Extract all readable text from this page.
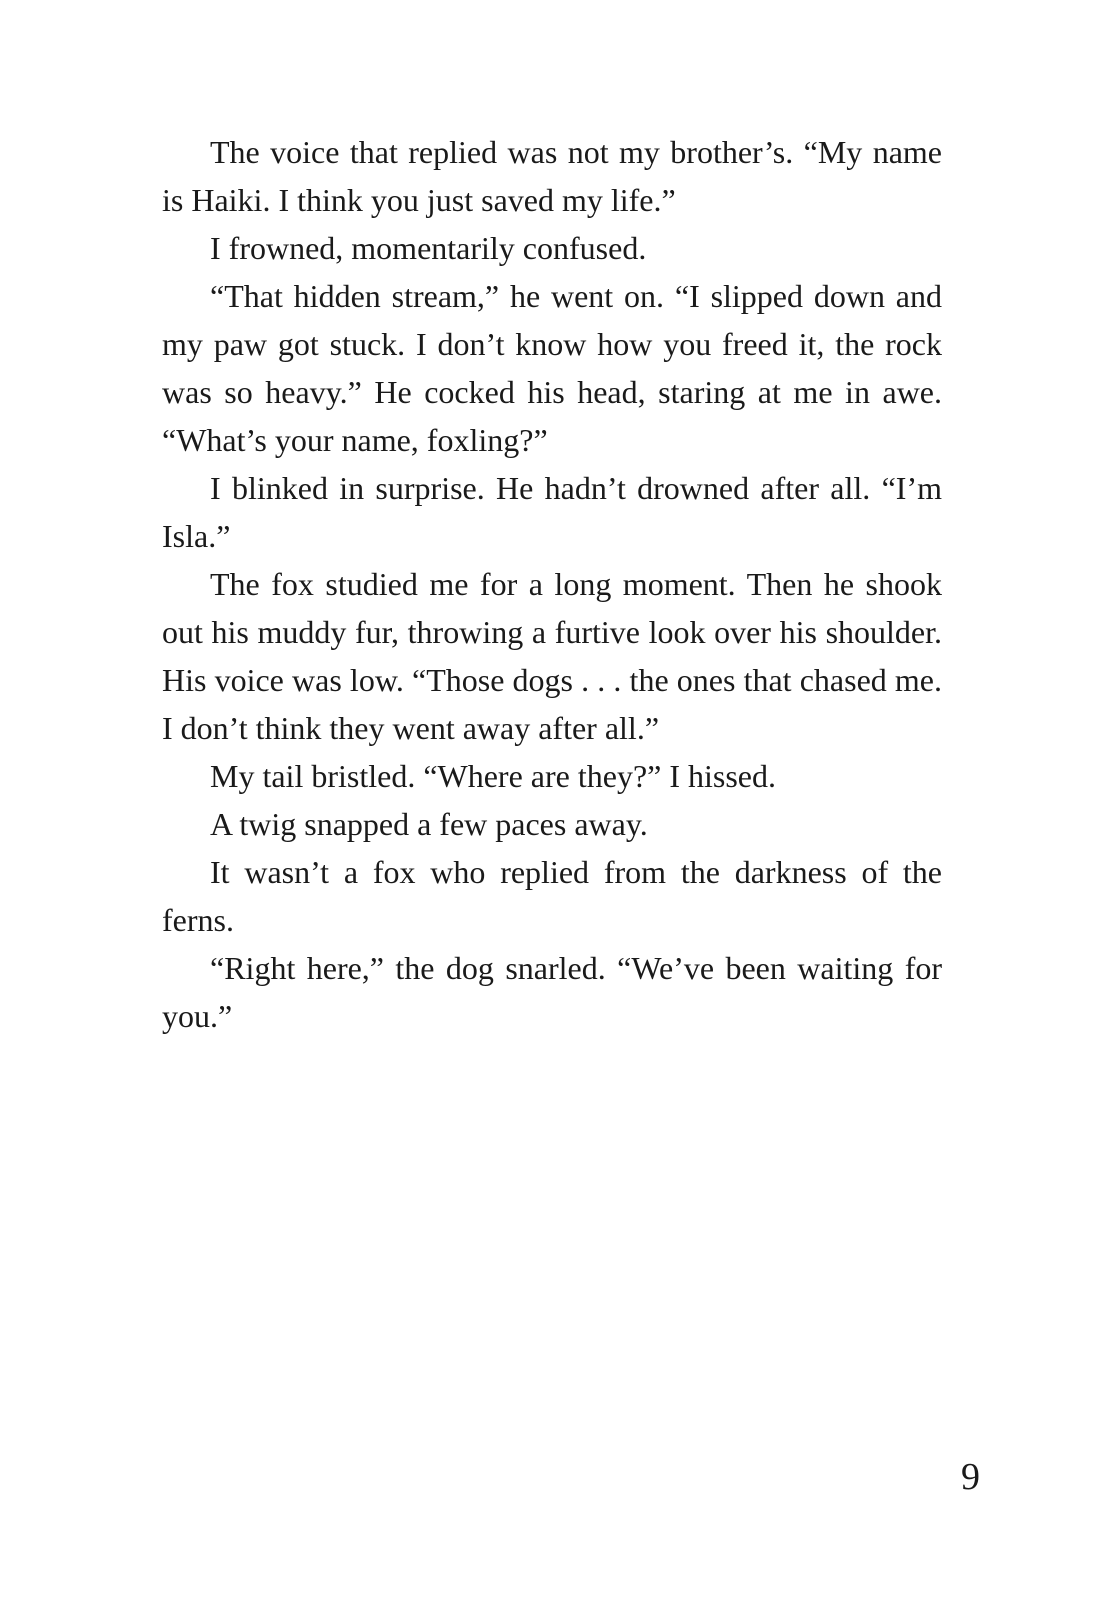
The voice that replied was not my brother’s. “My name is Haiki. I think you just saved my life.”

I frowned, momentarily confused.

“That hidden stream,” he went on. “I slipped down and my paw got stuck. I don’t know how you freed it, the rock was so heavy.” He cocked his head, staring at me in awe. “What’s your name, foxling?”

I blinked in surprise. He hadn’t drowned after all. “I’m Isla.”

The fox studied me for a long moment. Then he shook out his muddy fur, throwing a furtive look over his shoulder. His voice was low. “Those dogs . . . the ones that chased me. I don’t think they went away after all.”

My tail bristled. “Where are they?” I hissed.

A twig snapped a few paces away.

It wasn’t a fox who replied from the darkness of the ferns.

“Right here,” the dog snarled. “We’ve been waiting for you.”

9
